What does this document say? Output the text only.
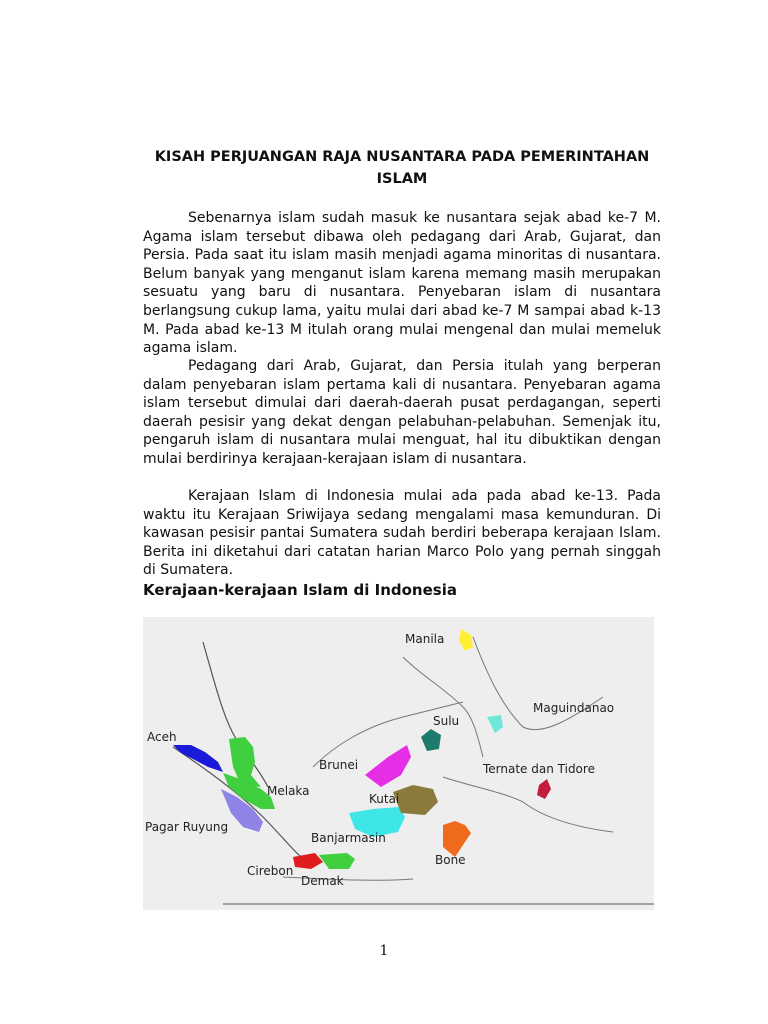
KISAH PERJUANGAN RAJA NUSANTARA PADA PEMERINTAHAN
ISLAM

Sebenarnya islam sudah masuk ke nusantara sejak abad ke-7 M. Agama islam tersebut dibawa oleh pedagang dari Arab, Gujarat, dan Persia. Pada saat itu islam masih menjadi agama minoritas di nusantara. Belum banyak yang menganut islam karena memang masih merupakan sesuatu yang baru di nusantara. Penyebaran islam di nusantara berlangsung cukup lama, yaitu mulai dari abad ke-7 M sampai abad k-13 M. Pada abad ke-13 M itulah orang mulai mengenal dan mulai memeluk agama islam.

Pedagang dari Arab, Gujarat, dan Persia itulah yang berperan dalam penyebaran islam pertama kali di nusantara. Penyebaran agama islam tersebut dimulai dari daerah-daerah pusat perdagangan, seperti daerah pesisir yang dekat dengan pelabuhan-pelabuhan. Semenjak itu, pengaruh islam di nusantara mulai menguat, hal itu dibuktikan dengan mulai berdirinya kerajaan-kerajaan islam di nusantara.

Kerajaan Islam di Indonesia mulai ada pada abad ke-13. Pada waktu itu Kerajaan Sriwijaya sedang mengalami masa kemunduran. Di kawasan pesisir pantai Sumatera sudah berdiri beberapa kerajaan Islam. Berita ini diketahui dari catatan harian Marco Polo yang pernah singgah di Sumatera.

Kerajaan-kerajaan Islam di Indonesia
Manila
Sulu
Maguindanao
Aceh
Brunei	Ternate dan Tidore
Melaka
Kutai
Pagar Ruyung
Banjarmasin
Bone
Cirebon
Demak
1
